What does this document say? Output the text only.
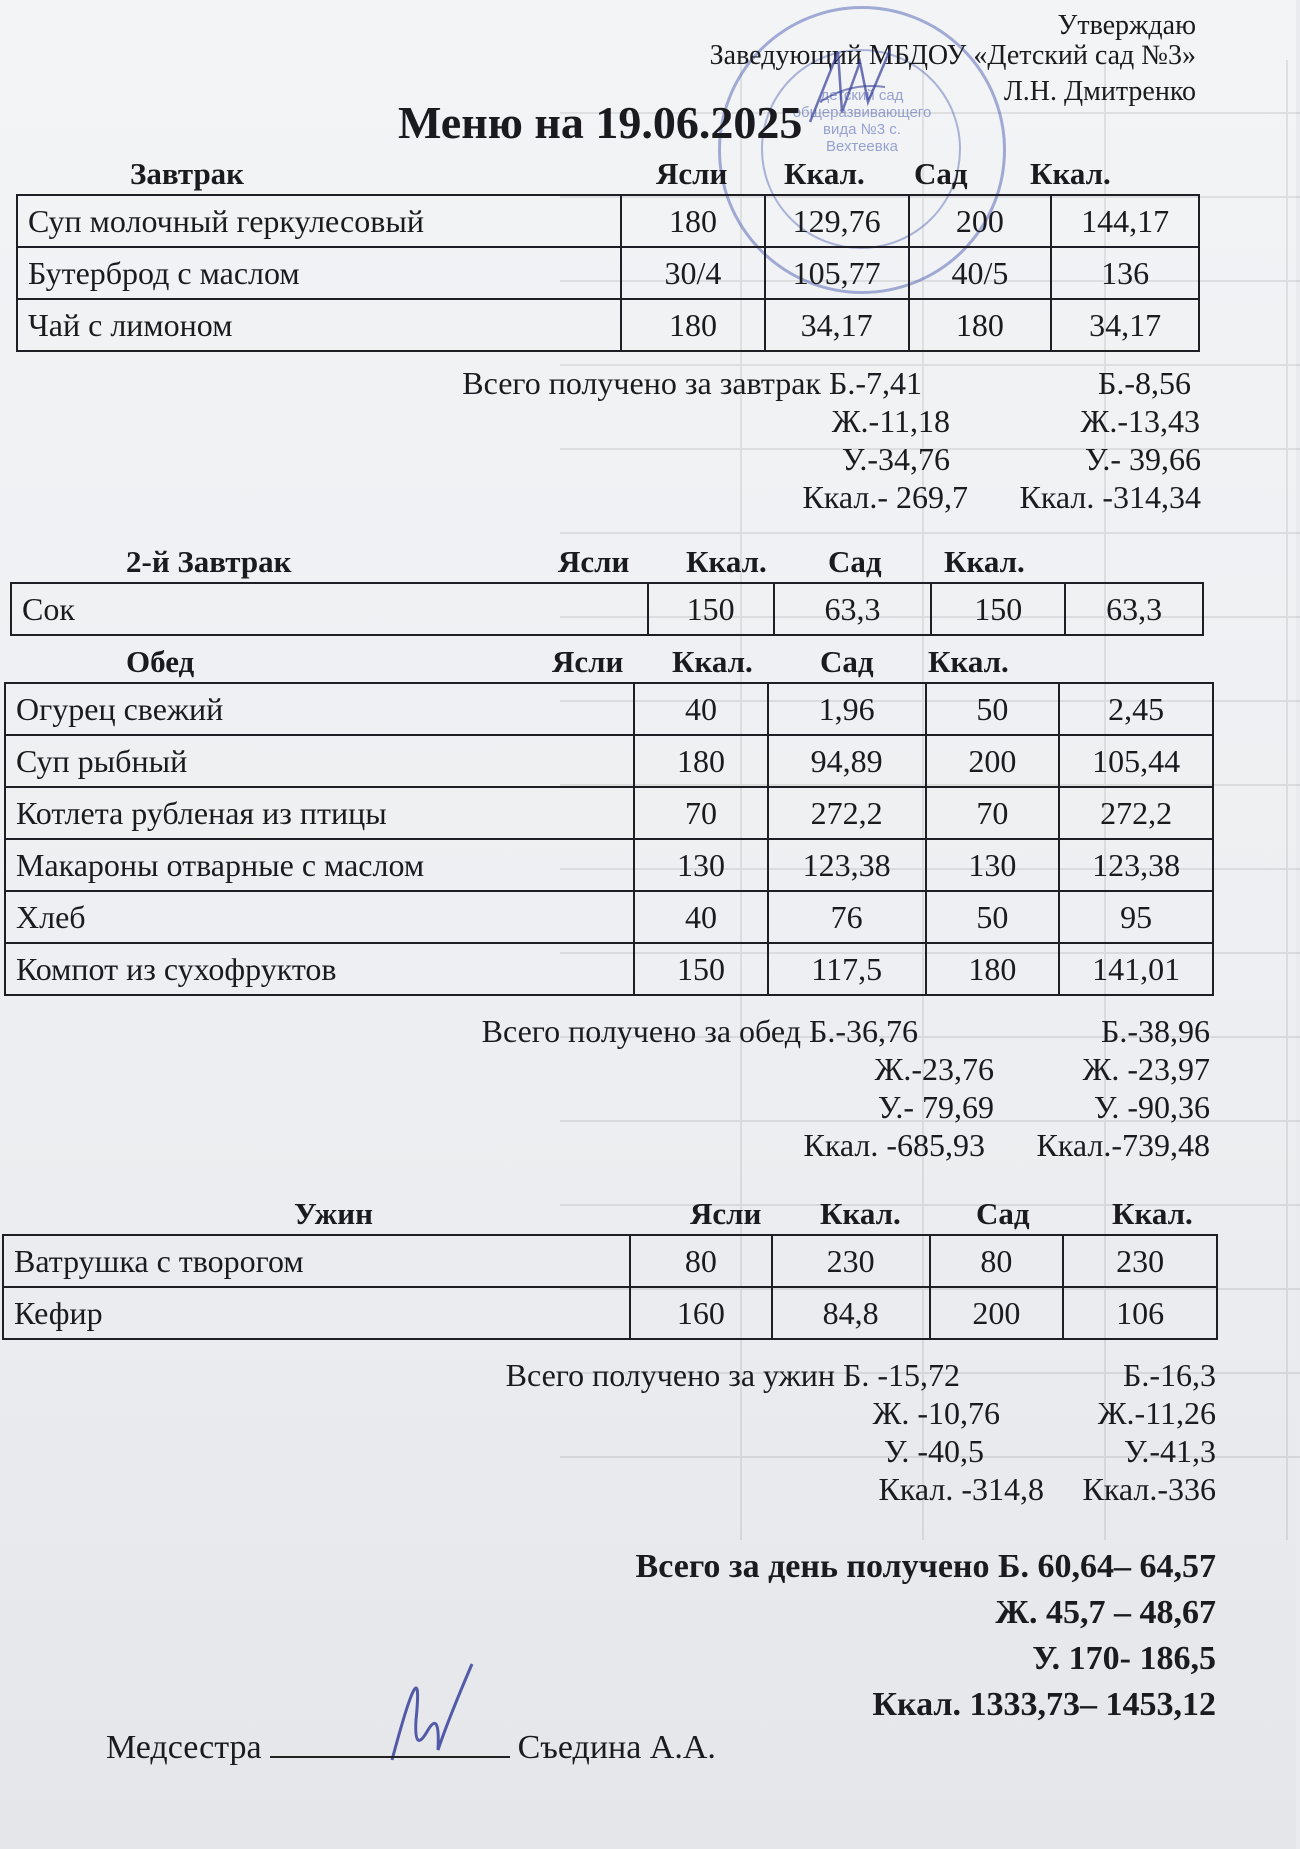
детский сад общеразвивающего вида №3 с. Вехтеевка
Утверждаю
Заведующий МБДОУ «Детский сад №3»
Л.Н. Дмитренко
Меню на 19.06.2025
Завтрак	Ясли Ккал. Сад Ккал.
Суп молочный геркулесовый	180	129,76	200	144,17
Бутерброд с маслом	30/4	105,77	40/5	136
Чай с лимоном	180	34,17	180	34,17
Всего получено за завтрак Б.-7,41	Б.-8,56
Ж.-11,18	Ж.-13,43
У.-34,76	У.- 39,66
Ккал.- 269,7 Ккал. -314,34
2-й Завтрак	Ясли Ккал. Сад Ккал.
Сок	150	63,3	150	63,3
Обед	Ясли Ккал. Сад Ккал.
Огурец свежий	40	1,96	50	2,45
Суп рыбный	180	94,89	200	105,44
Котлета рубленая из птицы	70	272,2	70	272,2
Макароны отварные с маслом	130	123,38	130	123,38
Хлеб	40	76	50	95
Компот из сухофруктов	150	117,5	180	141,01
Всего получено за обед Б.-36,76	Б.-38,96
Ж.-23,76	Ж. -23,97
У.- 79,69	У. -90,36
Ккал. -685,93 Ккал.-739,48
Ужин	Ясли Ккал. Сад	Ккал.
Ватрушка с творогом	80	230	80	230
Кефир	160	84,8	200	106
Всего получено за ужин Б. -15,72	Б.-16,3
Ж. -10,76	Ж.-11,26
У. -40,5	У.-41,3
Ккал. -314,8 Ккал.-336
Всего за день получено Б. 60,64– 64,57
Ж. 45,7 – 48,67
У. 170- 186,5
Ккал. 1333,73– 1453,12
Медсестра	Съедина А.А.
